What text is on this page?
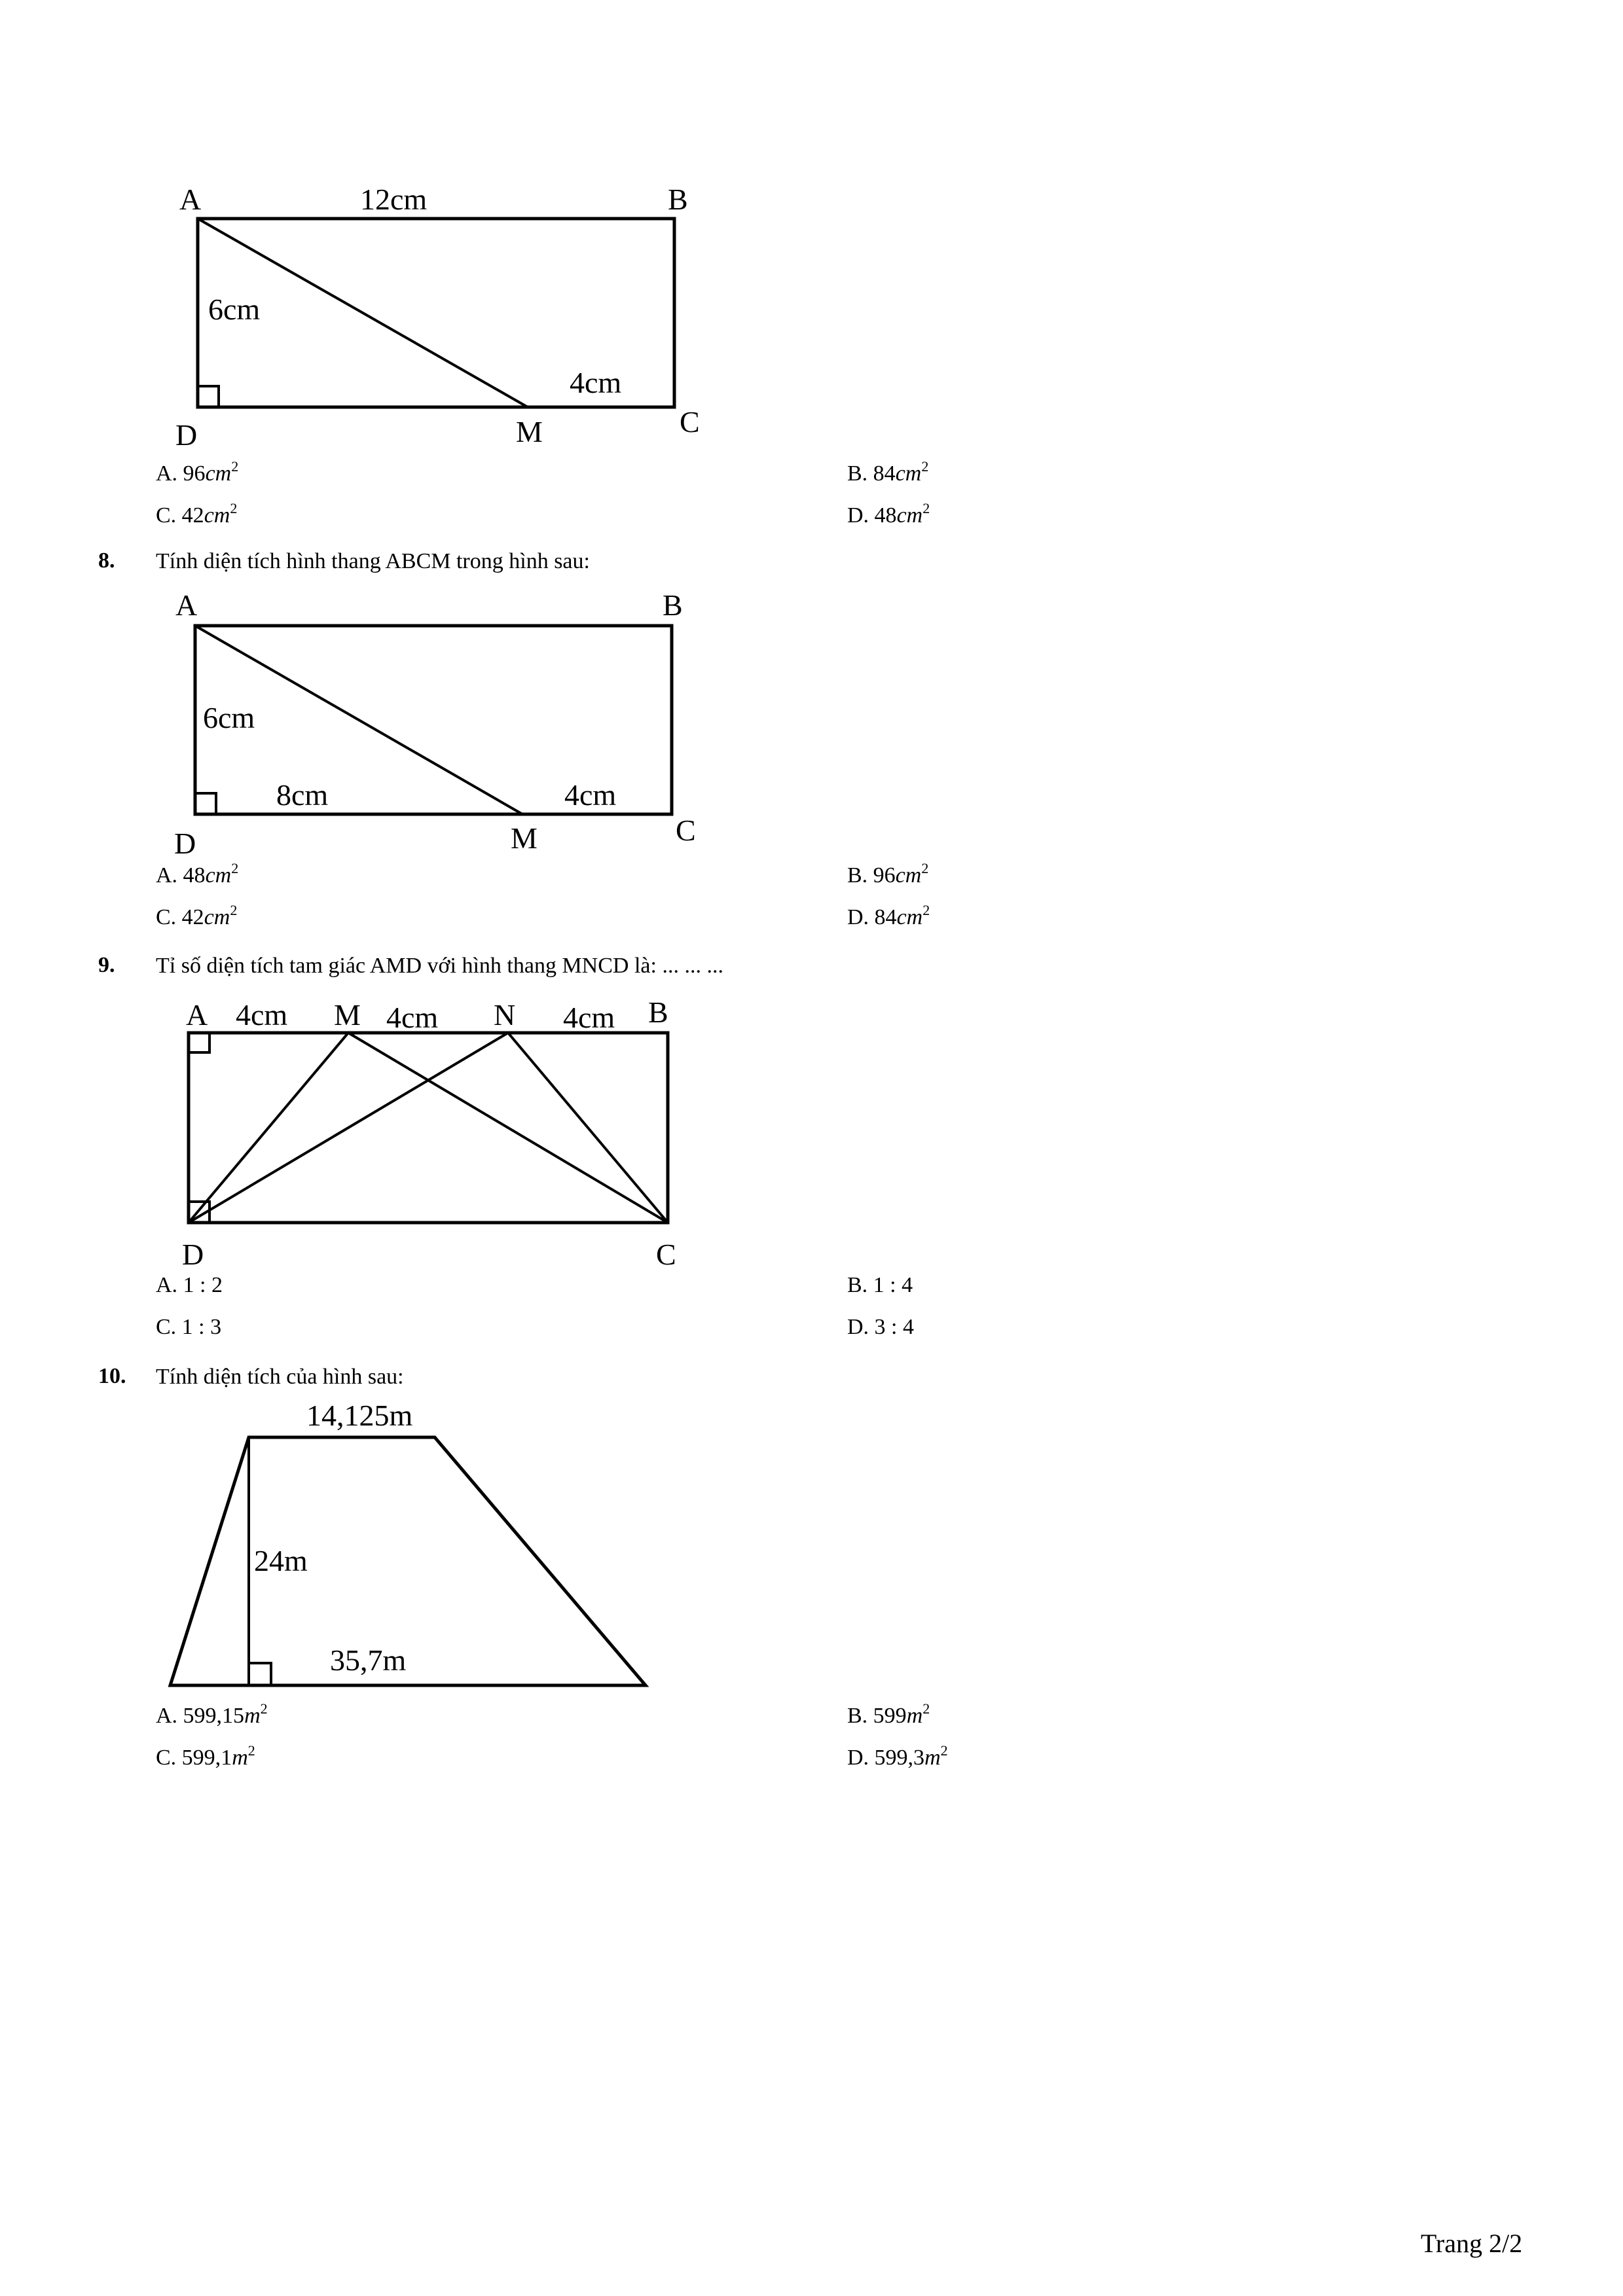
A	12cm	B
6cm
4cm
D	M	C
A. $96cm^2$	B. $84cm^2$
C. $42cm^2$	D. $48cm^2$
8. Tính diện tích hình thang ABCM trong hình sau:
A	B
6cm
8cm	4cm
D	M	C
A. $48cm^2$	B. $96cm^2$
C. $42cm^2$	D. $84cm^2$
9. Tỉ số diện tích tam giác AMD với hình thang MNCD là: ... ... ...
A 4cm M 4cm N 4cm B
D	C
A. 1 : 2	B. 1 : 4
C. 1 : 3	D. 3 : 4
10. Tính diện tích của hình sau:
14,125m
24m
35,7m
A. $599,15m^2$	B. $599m^2$
C. $599,1m^2$	D. $599,3m^2$
Trang 2/2
